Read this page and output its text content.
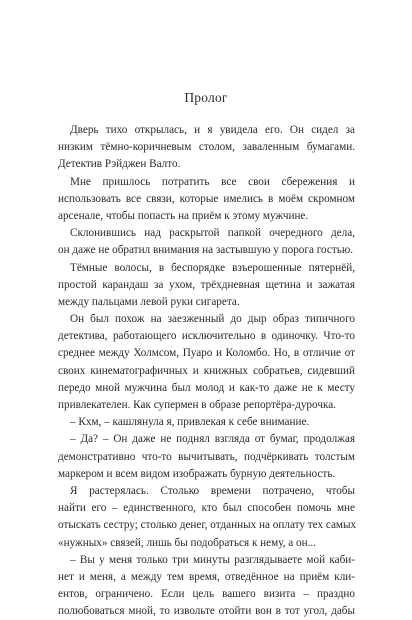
Пролог
Дверь тихо открылась, и я увидела его. Он сидел за
низким тёмно-коричневым столом, заваленным бумагами.
Детектив Рэйджен Валто.
Мне пришлось потратить все свои сбережения и
использовать все связи, которые имелись в моём скромном
арсенале, чтобы попасть на приём к этому мужчине.
Склонившись над раскрытой папкой очередного дела,
он даже не обратил внимания на застывшую у порога гостью.
Тёмные волосы, в беспорядке взъерошенные пятернёй,
простой карандаш за ухом, трёхдневная щетина и зажатая
между пальцами левой руки сигарета.
Он был похож на заезженный до дыр образ типичного
детектива, работающего исключительно в одиночку. Что-то
среднее между Холмсом, Пуаро и Коломбо. Но, в отличие от
своих кинематографичных и книжных собратьев, сидевший
передо мной мужчина был молод и как-то даже не к месту
привлекателен. Как супермен в образе репортёра-дурочка.
– Кхм, – кашлянула я, привлекая к себе внимание.
– Да? – Он даже не поднял взгляда от бумаг, продолжая
демонстративно что-то вычитывать, подчёркивать толстым
маркером и всем видом изображать бурную деятельность.
Я растерялась. Столько времени потрачено, чтобы
найти его – единственного, кто был способен помочь мне
отыскать сестру; столько денег, отданных на оплату тех самых
«нужных» связей, лишь бы подобраться к нему, а он...
– Вы у меня только три минуты разглядываете мой каби-
нет и меня, а между тем время, отведённое на приём кли-
ентов, ограничено. Если цель вашего визита – праздно
полюбоваться мной, то извольте отойти вон в тот угол, дабы
